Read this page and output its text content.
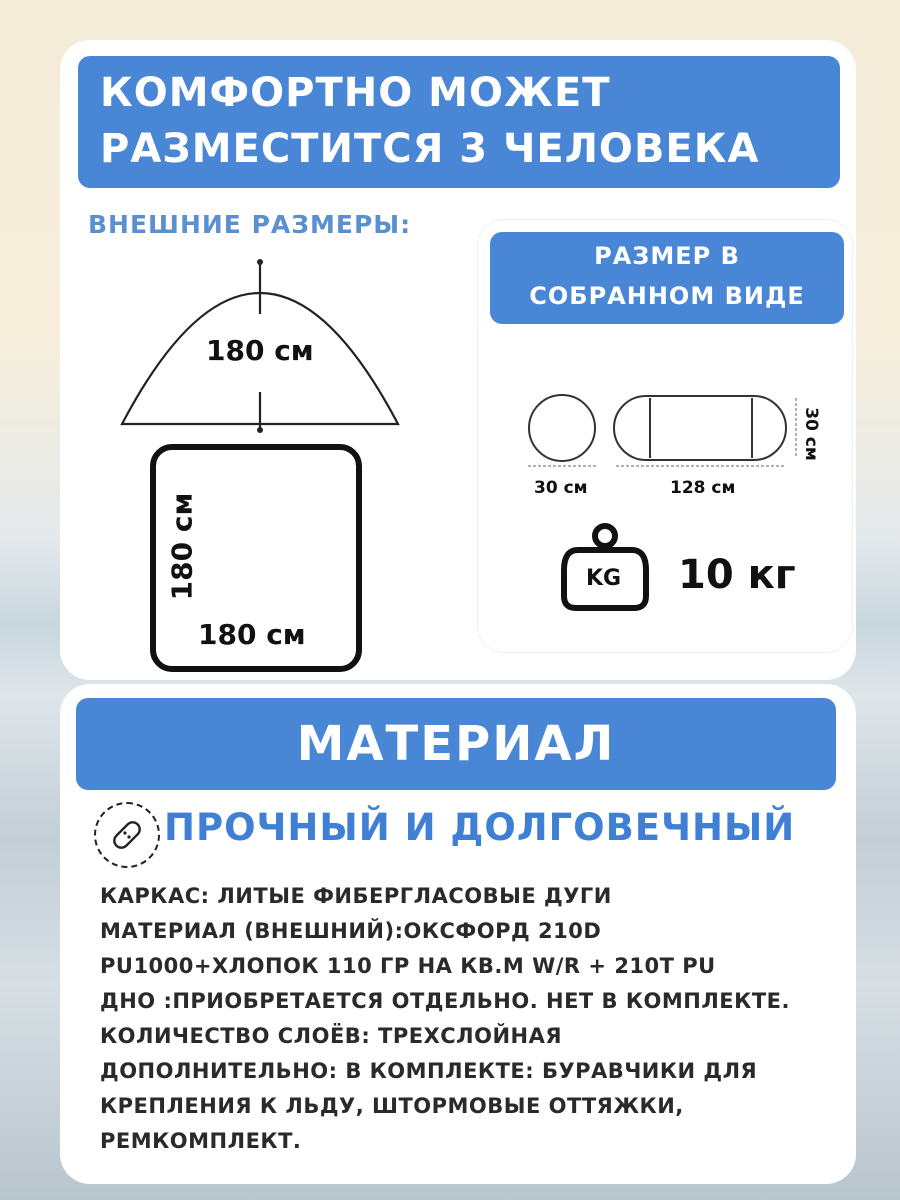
КОМФОРТНО МОЖЕТ
РАЗМЕСТИТСЯ 3 ЧЕЛОВЕКА
ВНЕШНИЕ РАЗМЕРЫ:
180 см
180 см
180 см
РАЗМЕР В
СОБРАННОМ ВИДЕ
30 см	128 см
30 см
KG 10 кг
МАТЕРИАЛ
ПРОЧНЫЙ И ДОЛГОВЕЧНЫЙ
КАРКАС: ЛИТЫЕ ФИБЕРГЛАСОВЫЕ ДУГИ
МАТЕРИАЛ (ВНЕШНИЙ):ОКСФОРД 210D
PU1000+ХЛОПОК 110 ГР НА КВ.М W/R + 210T PU
ДНО :ПРИОБРЕТАЕТСЯ ОТДЕЛЬНО. НЕТ В КОМПЛЕКТЕ.
КОЛИЧЕСТВО СЛОЁВ: ТРЕХСЛОЙНАЯ
ДОПОЛНИТЕЛЬНО: В КОМПЛЕКТЕ: БУРАВЧИКИ ДЛЯ
КРЕПЛЕНИЯ К ЛЬДУ, ШТОРМОВЫЕ ОТТЯЖКИ,
РЕМКОМПЛЕКТ.
